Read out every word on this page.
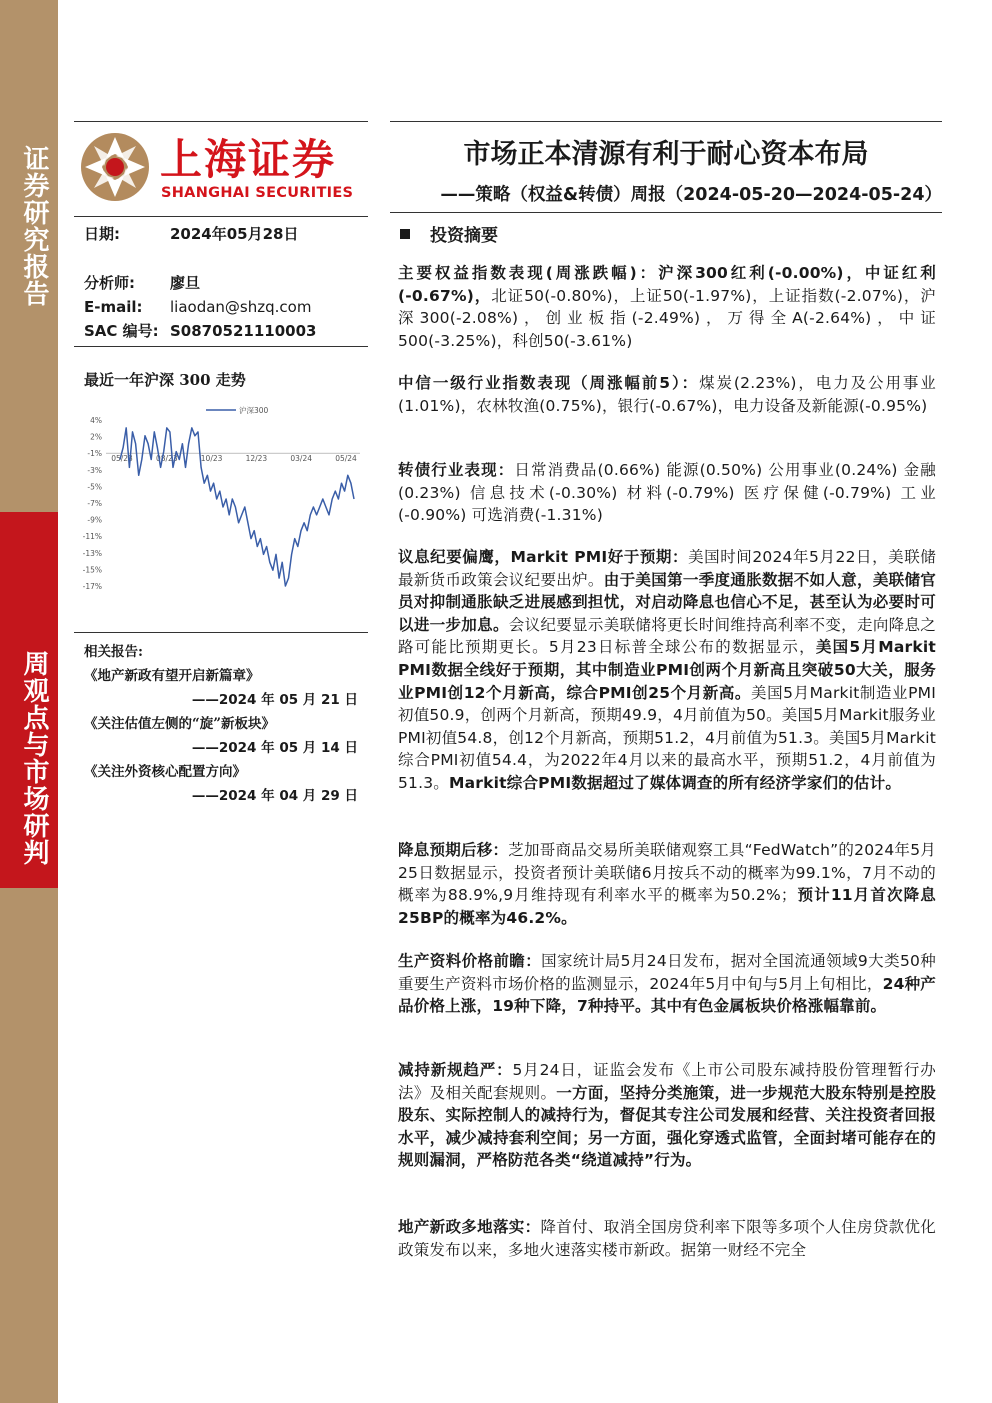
证券研究报告
周观点与市场研判
上海证券
SHANGHAI SECURITIES
市场正本清源有利于耐心资本布局
——策略（权益&转债）周报（2024-05-20—2024-05-24）
日期:	2024年05月28日
分析师: 廖旦
E-mail: liaodan@shzq.com
SAC 编号: S0870521110003
最近一年沪深 300 走势
4%
2%
-1%
-3%
-5%
-7%
-9%
-11%
-13%
-15%
-17%
05/23	08/23	10/23	12/23	03/24	05/24
沪深300
相关报告:
《地产新政有望开启新篇章》
——2024 年 05 月 21 日
《关注估值左侧的“旋”新板块》
——2024 年 05 月 14 日
《关注外资核心配置方向》
——2024 年 04 月 29 日
投资摘要
主要权益指数表现(周涨跌幅)：沪深300红利(-0.00%)，中证红利(-0.67%)，北证50(-0.80%)，上证50(-1.97%)，上证指数(-2.07%)，沪深300(-2.08%)，创业板指(-2.49%)，万得全A(-2.64%)，中证500(-3.25%)，科创50(-3.61%)
中信一级行业指数表现（周涨幅前5）：煤炭(2.23%)，电力及公用事业(1.01%)，农林牧渔(0.75%)，银行(-0.67%)，电力设备及新能源(-0.95%)
转债行业表现：日常消费品(0.66%) 能源(0.50%) 公用事业(0.24%) 金融(0.23%) 信息技术(-0.30%) 材料(-0.79%) 医疗保健(-0.79%) 工业(-0.90%) 可选消费(-1.31%)
议息纪要偏鹰，Markit PMI好于预期：美国时间2024年5月22日，美联储最新货币政策会议纪要出炉。由于美国第一季度通胀数据不如人意，美联储官员对抑制通胀缺乏进展感到担忧，对启动降息也信心不足，甚至认为必要时可以进一步加息。会议纪要显示美联储将更长时间维持高利率不变，走向降息之路可能比预期更长。5月23日标普全球公布的数据显示，美国5月Markit PMI数据全线好于预期，其中制造业PMI创两个月新高且突破50大关，服务业PMI创12个月新高，综合PMI创25个月新高。美国5月Markit制造业PMI初值50.9，创两个月新高，预期49.9，4月前值为50。美国5月Markit服务业PMI初值54.8，创12个月新高，预期51.2，4月前值为51.3。美国5月Markit综合PMI初值54.4，为2022年4月以来的最高水平，预期51.2，4月前值为51.3。Markit综合PMI数据超过了媒体调查的所有经济学家们的估计。
降息预期后移：芝加哥商品交易所美联储观察工具“FedWatch”的2024年5月25日数据显示，投资者预计美联储6月按兵不动的概率为99.1%，7月不动的概率为88.9%,9月维持现有利率水平的概率为50.2%；预计11月首次降息25BP的概率为46.2%。
生产资料价格前瞻：国家统计局5月24日发布，据对全国流通领域9大类50种重要生产资料市场价格的监测显示，2024年5月中旬与5月上旬相比，24种产品价格上涨，19种下降，7种持平。其中有色金属板块价格涨幅靠前。
减持新规趋严：5月24日，证监会发布《上市公司股东减持股份管理暂行办法》及相关配套规则。一方面，坚持分类施策，进一步规范大股东特别是控股股东、实际控制人的减持行为，督促其专注公司发展和经营、关注投资者回报水平，减少减持套利空间；另一方面，强化穿透式监管，全面封堵可能存在的规则漏洞，严格防范各类“绕道减持”行为。
地产新政多地落实：降首付、取消全国房贷利率下限等多项个人住房贷款优化政策发布以来，多地火速落实楼市新政。据第一财经不完全
